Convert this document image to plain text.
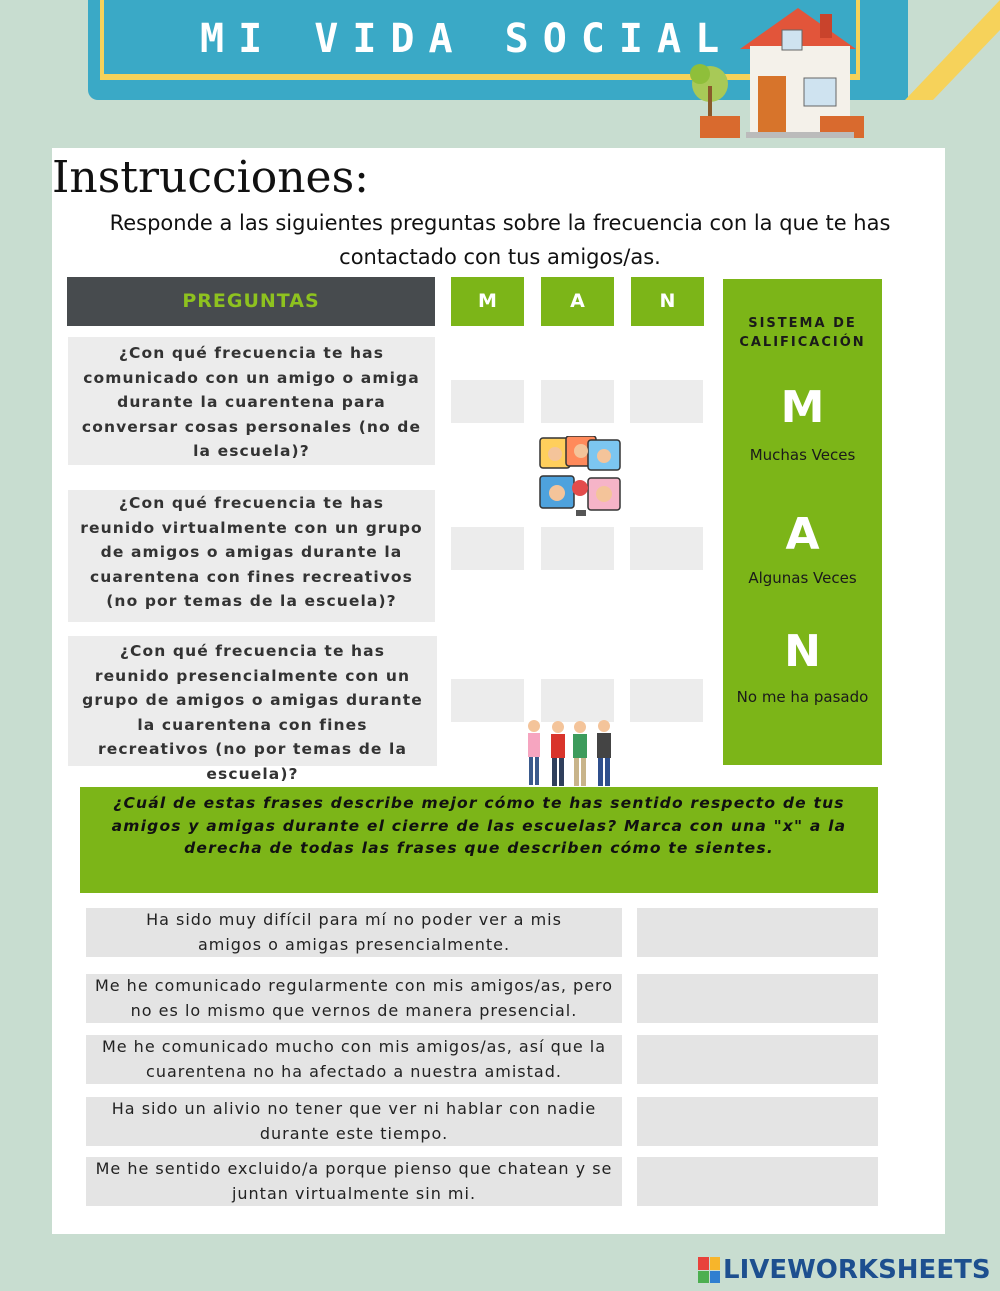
MI VIDA SOCIAL
Instrucciones:
Responde a las siguientes preguntas sobre la frecuencia con la que te has contactado con tus amigos/as.
PREGUNTAS	M	A	N
¿Con qué frecuencia te has comunicado con un amigo o amiga durante la cuarentena para conversar cosas personales (no de la escuela)?
¿Con qué frecuencia te has reunido virtualmente con un grupo de amigos o amigas durante la cuarentena con fines recreativos (no por temas de la escuela)?
¿Con qué frecuencia te has reunido presencialmente con un grupo de amigos o amigas durante la cuarentena con fines recreativos (no por temas de la escuela)?
SISTEMA DE CALIFICACIÓN
M
Muchas Veces
A
Algunas Veces
N
No me ha pasado
¿Cuál de estas frases describe mejor cómo te has sentido respecto de tus amigos y amigas durante el cierre de las escuelas? Marca con una "x" a la derecha de todas las frases que describen cómo te sientes.
Ha sido muy difícil para mí no poder ver a mis amigos o amigas presencialmente.
Me he comunicado regularmente con mis amigos/as, pero no es lo mismo que vernos de manera presencial.
Me he comunicado mucho con mis amigos/as, así que la cuarentena no ha afectado a nuestra amistad.
Ha sido un alivio no tener que ver ni hablar con nadie durante este tiempo.
Me he sentido excluido/a porque pienso que chatean y se juntan virtualmente sin mi.
LIVEWORKSHEETS
